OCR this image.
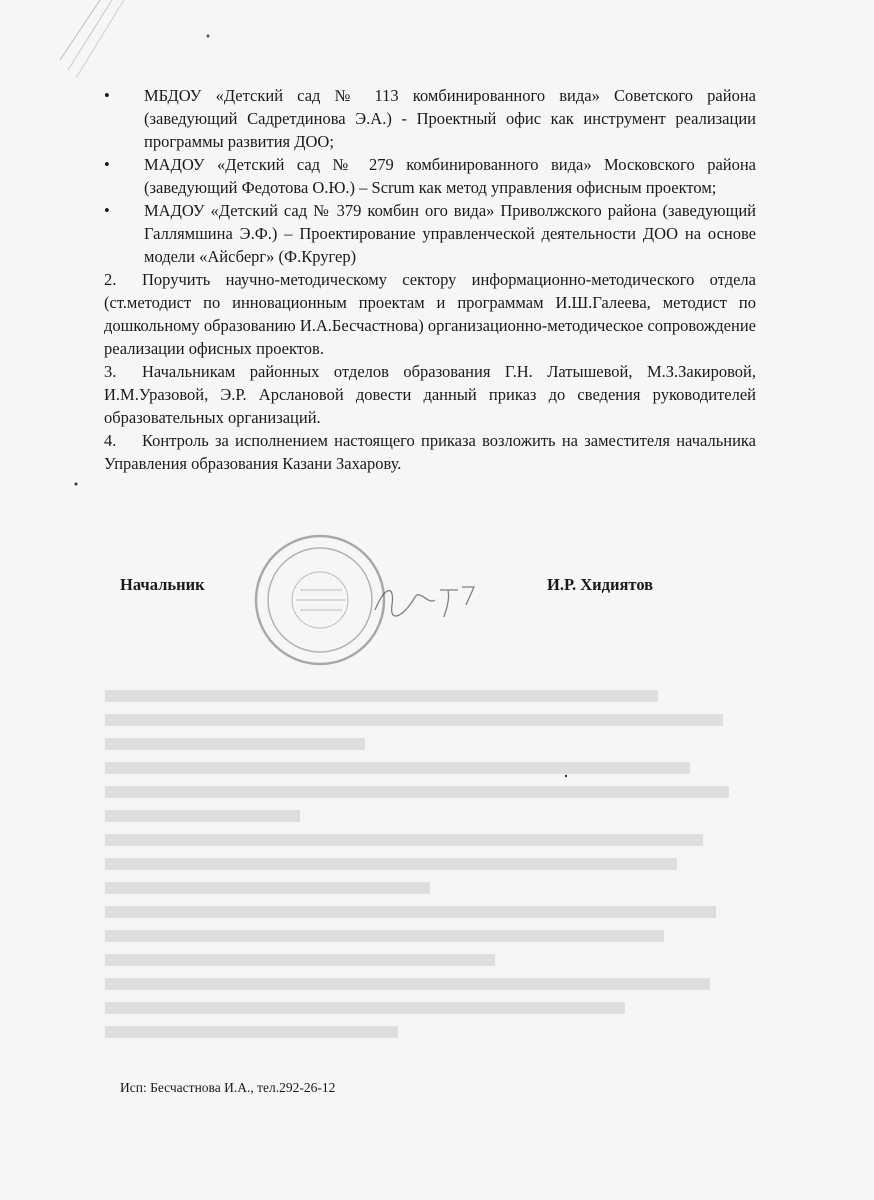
•	МБДОУ «Детский сад № 113 комбинированного вида» Советского района (заведующий Садретдинова Э.А.) - Проектный офис как инструмент реализации программы развития ДОО;
•	МАДОУ «Детский сад № 279 комбинированного вида» Московского района (заведующий Федотова О.Ю.) – Scrum как метод управления офисным проектом;
•	МАДОУ «Детский сад № 379 комбин ого вида» Приволжского района (заведующий Галлямшина Э.Ф.) – Проектирование управленческой деятельности ДОО на основе модели «Айсберг» (Ф.Кругер)

2. Поручить научно-методическому сектору информационно-методического отдела (ст.методист по инновационным проектам и программам И.Ш.Галеева, методист по дошкольному образованию И.А.Бесчастнова) организационно-методическое сопровождение реализации офисных проектов.

3. Начальникам районных отделов образования Г.Н. Латышевой, М.З.Закировой, И.М.Уразовой, Э.Р. Арслановой довести данный приказ до сведения руководителей образовательных организаций.

4. Контроль за исполнением настоящего приказа возложить на заместителя начальника Управления образования Казани Захарову.

Начальник	И.Р. Хидиятов
Исп: Бесчастнова И.А., тел.292-26-12
